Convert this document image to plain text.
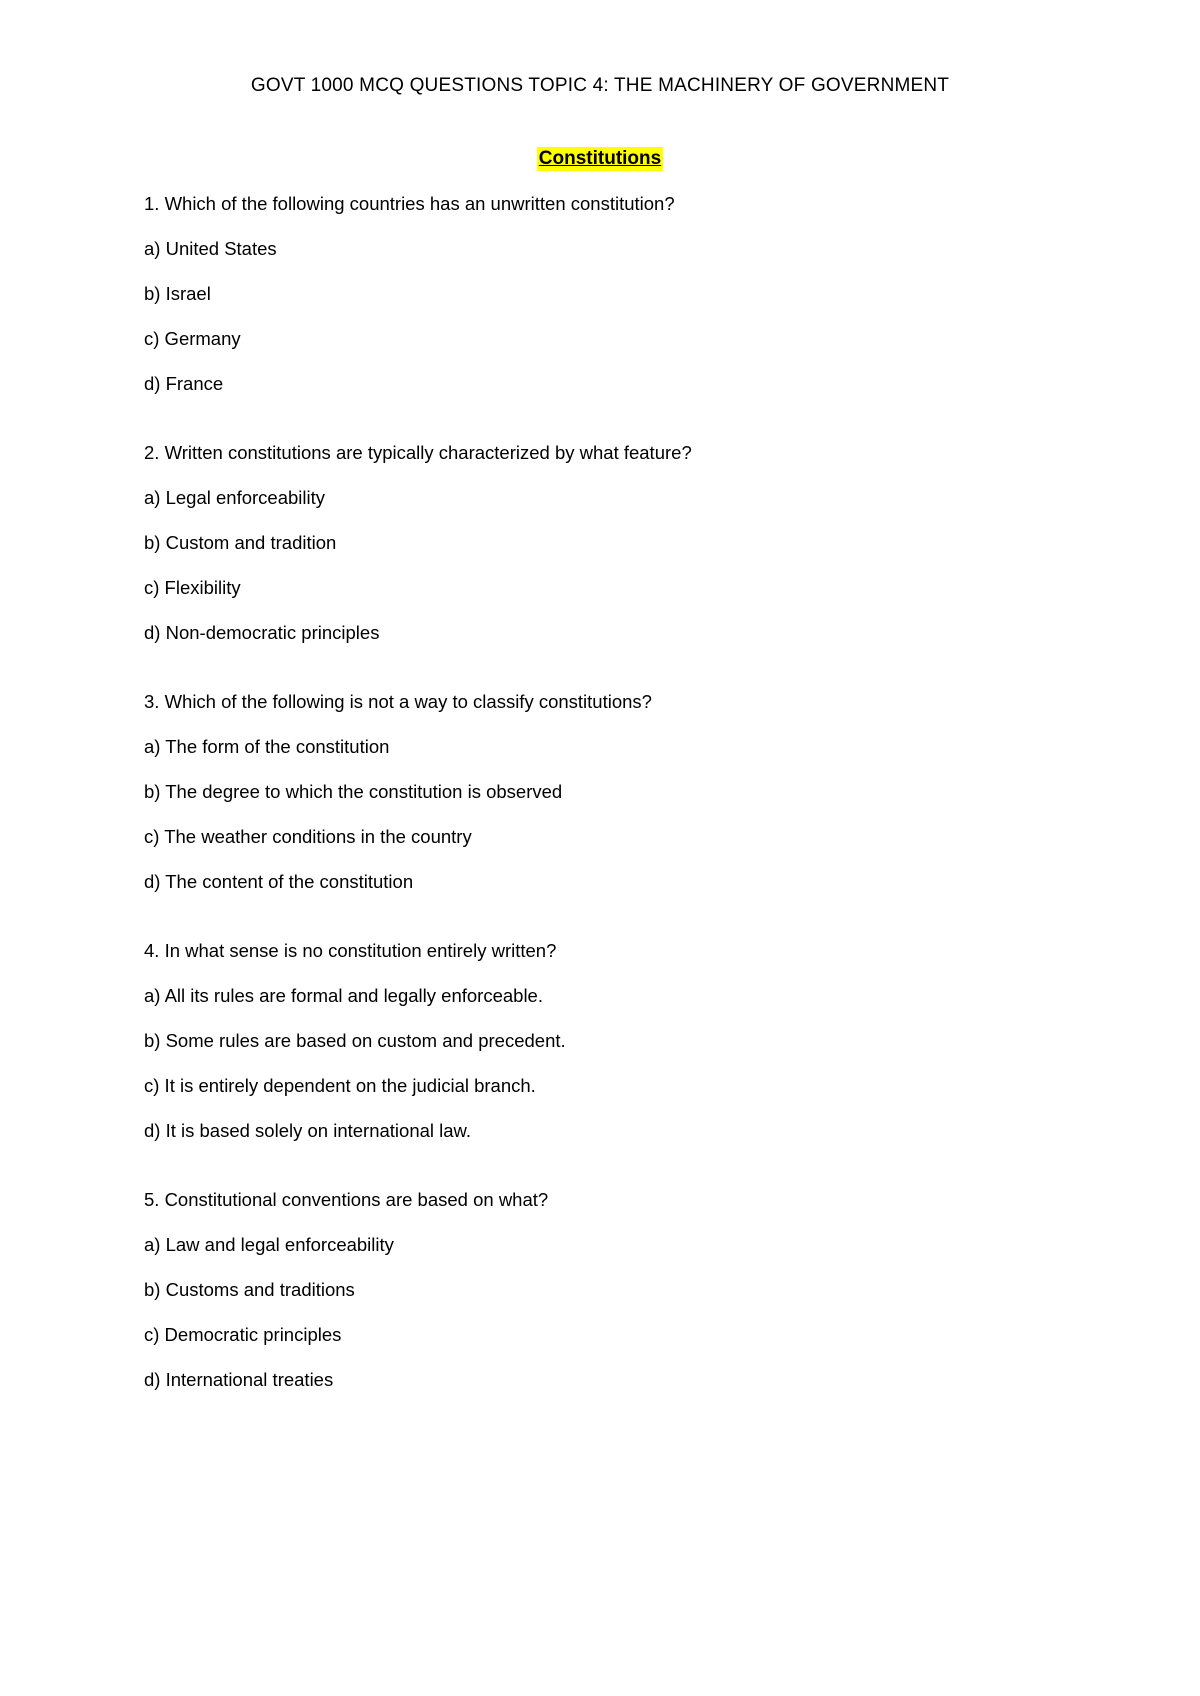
GOVT 1000 MCQ QUESTIONS TOPIC 4: THE MACHINERY OF GOVERNMENT
Constitutions
1. Which of the following countries has an unwritten constitution?
a) United States
b) Israel
c) Germany
d) France
2. Written constitutions are typically characterized by what feature?
a) Legal enforceability
b) Custom and tradition
c) Flexibility
d) Non-democratic principles
3. Which of the following is not a way to classify constitutions?
a) The form of the constitution
b) The degree to which the constitution is observed
c) The weather conditions in the country
d) The content of the constitution
4. In what sense is no constitution entirely written?
a) All its rules are formal and legally enforceable.
b) Some rules are based on custom and precedent.
c) It is entirely dependent on the judicial branch.
d) It is based solely on international law.
5. Constitutional conventions are based on what?
a) Law and legal enforceability
b) Customs and traditions
c) Democratic principles
d) International treaties
